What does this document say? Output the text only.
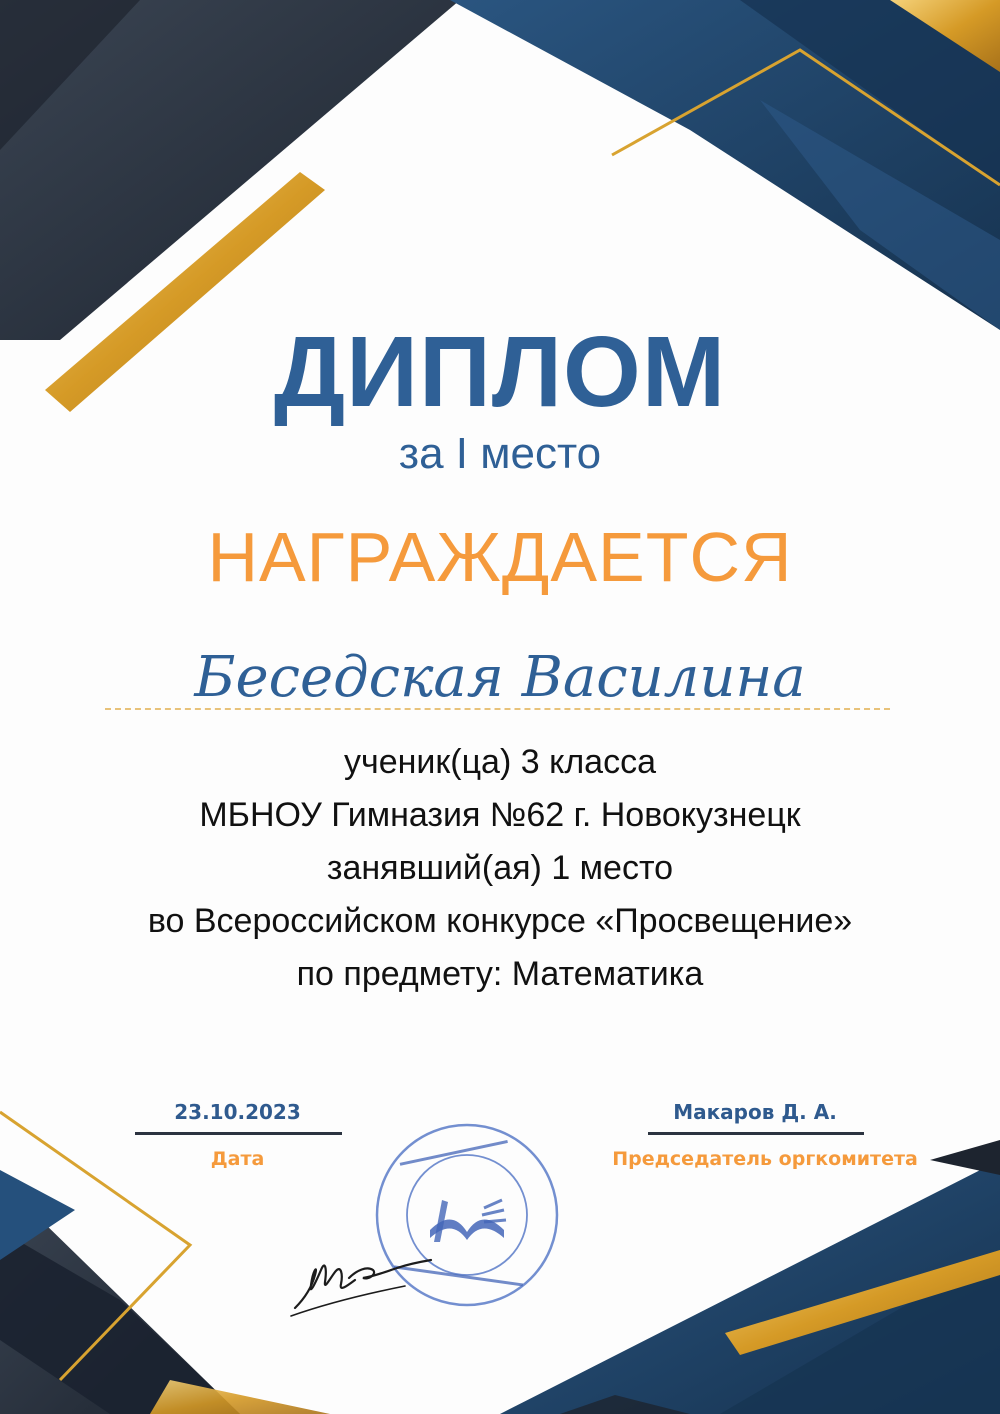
ДИПЛОМ
за I место
НАГРАЖДАЕТСЯ
Беседская Василина
ученик(ца) 3 класса
МБНОУ Гимназия №62 г. Новокузнецк
занявший(ая) 1 место
во Всероссийском конкурсе «Просвещение»
по предмету: Математика
23.10.2023
Дата
Макаров Д. А.
Председатель оргкомитета
